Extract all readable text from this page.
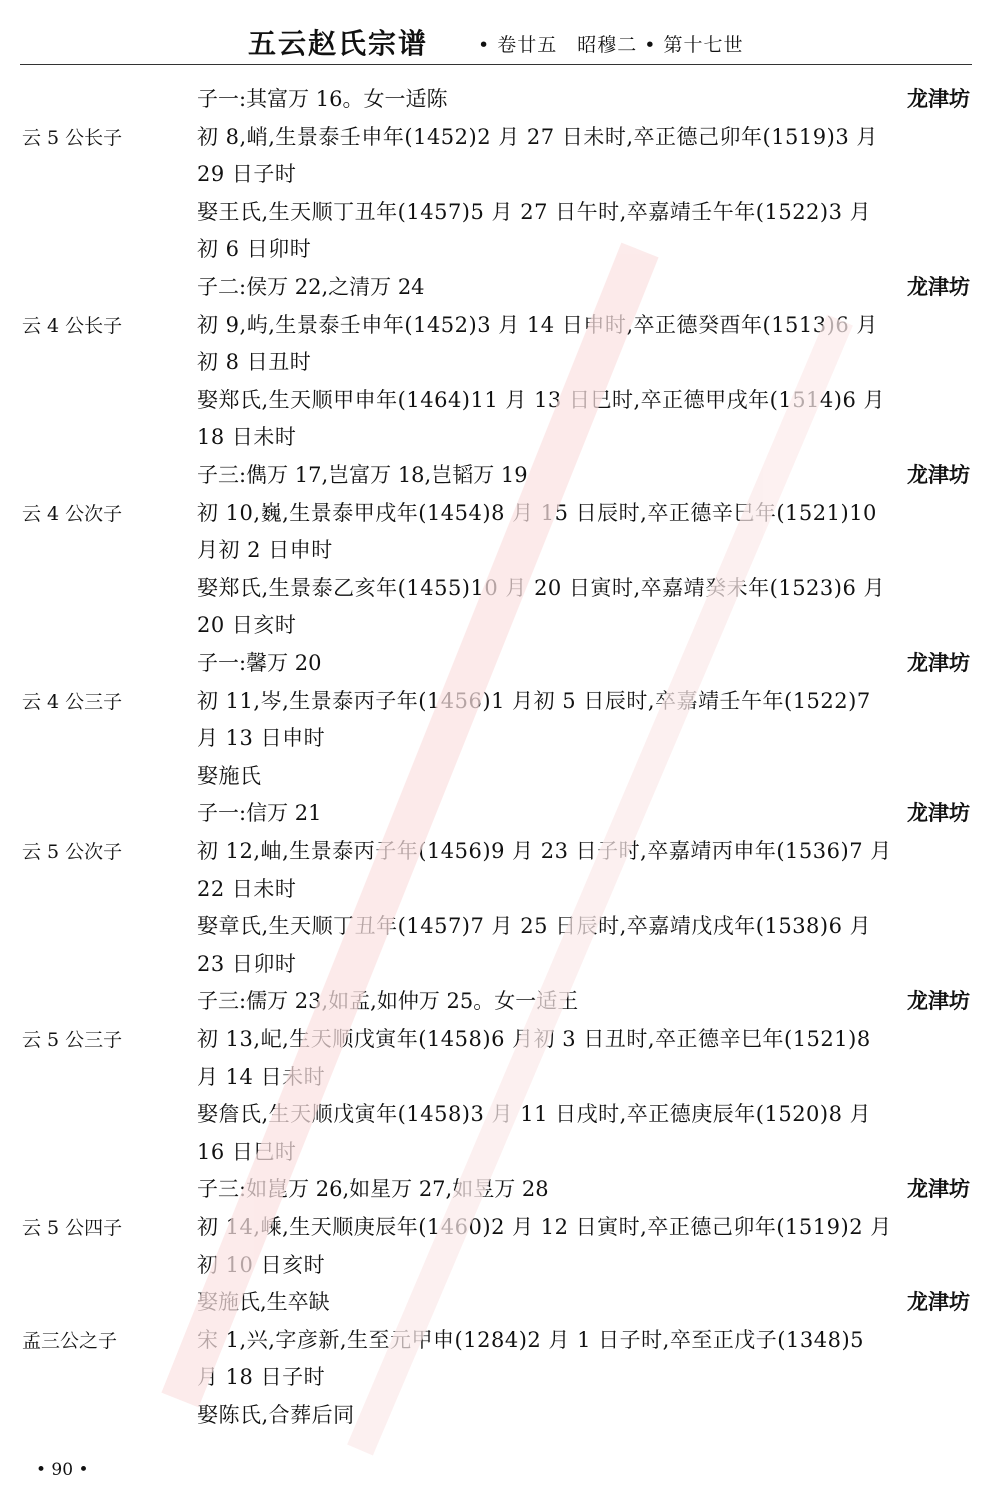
五云赵氏宗谱	• 卷廿五　昭穆二 • 第十七世
子一:其富万 16。女一适陈	龙津坊
云 5 公长子	初 8,峭,生景泰壬申年(1452)2 月 27 日未时,卒正德己卯年(1519)3 月
29 日子时
娶王氏,生天顺丁丑年(1457)5 月 27 日午时,卒嘉靖壬午年(1522)3 月
初 6 日卯时
子二:侯万 22,之清万 24	龙津坊
云 4 公长子	初 9,屿,生景泰壬申年(1452)3 月 14 日申时,卒正德癸酉年(1513)6 月
初 8 日丑时
娶郑氏,生天顺甲申年(1464)11 月 13 日巳时,卒正德甲戌年(1514)6 月
18 日未时
子三:儁万 17,岂富万 18,岂韬万 19	龙津坊
云 4 公次子	初 10,巍,生景泰甲戌年(1454)8 月 15 日辰时,卒正德辛巳年(1521)10
月初 2 日申时
娶郑氏,生景泰乙亥年(1455)10 月 20 日寅时,卒嘉靖癸未年(1523)6 月
20 日亥时
子一:馨万 20	龙津坊
云 4 公三子	初 11,岑,生景泰丙子年(1456)1 月初 5 日辰时,卒嘉靖壬午年(1522)7
月 13 日申时
娶施氏
子一:信万 21	龙津坊
云 5 公次子	初 12,岫,生景泰丙子年(1456)9 月 23 日子时,卒嘉靖丙申年(1536)7 月
22 日未时
娶章氏,生天顺丁丑年(1457)7 月 25 日辰时,卒嘉靖戊戌年(1538)6 月
23 日卯时
子三:儒万 23,如孟,如仲万 25。女一适王	龙津坊
云 5 公三子	初 13,屺,生天顺戊寅年(1458)6 月初 3 日丑时,卒正德辛巳年(1521)8
月 14 日未时
娶詹氏,生天顺戊寅年(1458)3 月 11 日戌时,卒正德庚辰年(1520)8 月
16 日巳时
子三:如崑万 26,如星万 27,如昱万 28	龙津坊
云 5 公四子	初 14,嵊,生天顺庚辰年(1460)2 月 12 日寅时,卒正德己卯年(1519)2 月
初 10 日亥时
娶施氏,生卒缺	龙津坊
孟三公之子	宋 1,兴,字彦新,生至元甲申(1284)2 月 1 日子时,卒至正戊子(1348)5
月 18 日子时
娶陈氏,合葬后同
• 90 •
